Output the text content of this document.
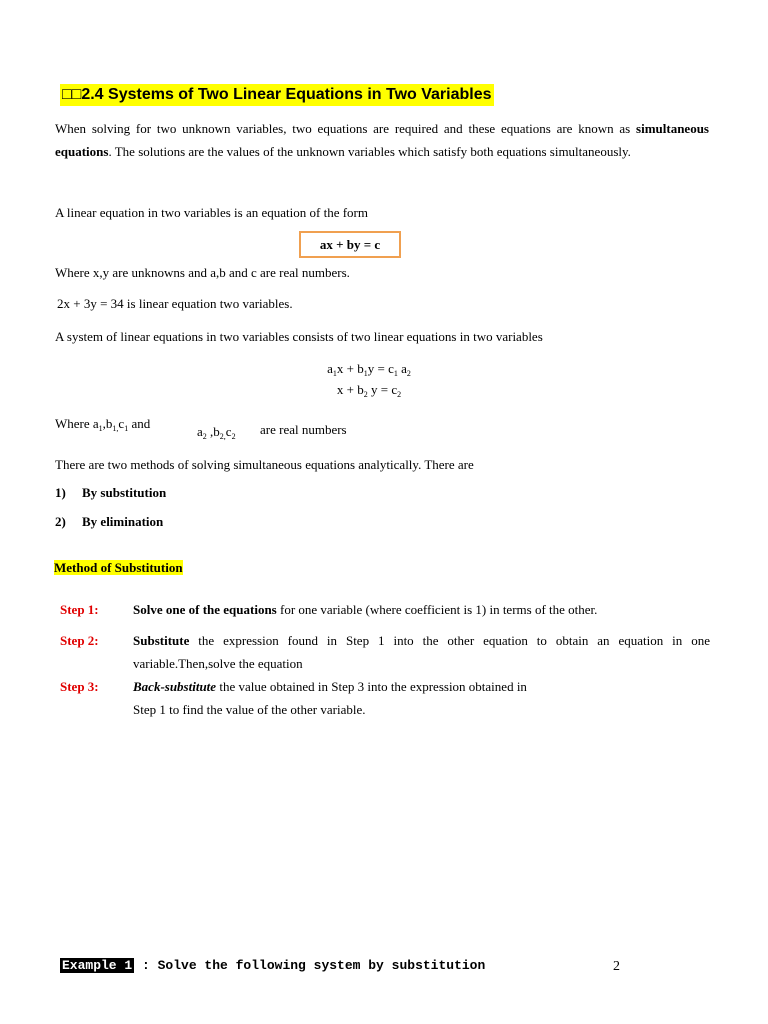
□□2.4 Systems of Two Linear Equations in Two Variables
When solving for two unknown variables, two equations are required and these equations are known as simultaneous equations. The solutions are the values of the unknown variables which satisfy both equations simultaneously.
A linear equation in two variables is an equation of the form
ax + by = c
Where x,y are unknowns and a,b and c are real numbers.
2x + 3y = 34 is linear equation two variables.
A system of linear equations in two variables consists of two linear equations in two variables
$a_1x + b_1y = c_1$ $a_2$
$x + b_2$ $y = c_2$
Where $a_1,b_{1,}c_1$ and
$a_2$ $,b_{2,}c_2$ are real numbers
There are two methods of solving simultaneous equations analytically. There are
1) By substitution
2) By elimination
Method of Substitution
Step 1:	Solve one of the equations for one variable (where coefficient is 1) in terms of the other.
Step 2:	Substitute the expression found in Step 1 into the other equation to obtain an equation in one variable.Then,solve the equation
Step 3:	Back-substitute the value obtained in Step 3 into the expression obtained in
Step 1 to find the value of the other variable.
Example 1 : Solve the following system by substitution	2
